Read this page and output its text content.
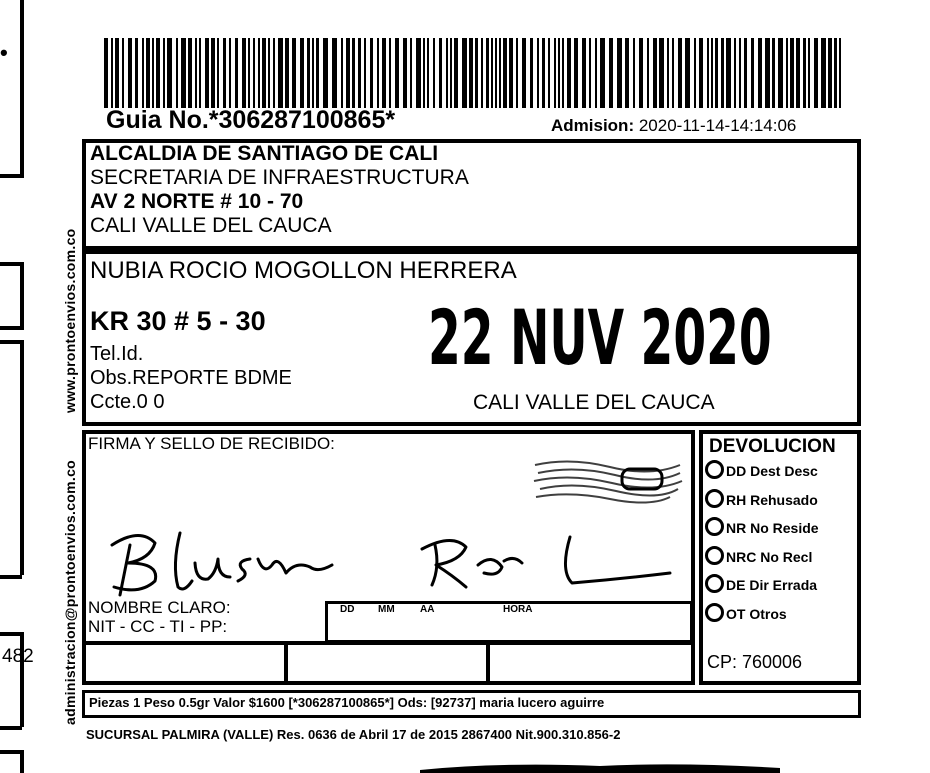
482
•
Guia No.*306287100865*	Admision: 2020-11-14-14:14:06
www.prontoenvios.com.co
administracion@prontoenvios.com.co
ALCALDIA DE SANTIAGO DE CALI
SECRETARIA DE INFRAESTRUCTURA
AV 2 NORTE # 10 - 70
CALI VALLE DEL CAUCA
NUBIA ROCIO MOGOLLON HERRERA
KR 30 # 5 - 30
Tel.Id.
Obs.REPORTE BDME
Ccte.0 0	CALI VALLE DEL CAUCA
22 NUV 2020
FIRMA Y SELLO DE RECIBIDO:
NOMBRE CLARO:
NIT - CC - TI - PP:
DD MM	AA	HORA
DEVOLUCION
DD Dest Desc
RH Rehusado
NR No Reside
NRC No Recl
DE Dir Errada
OT Otros
CP: 760006
Piezas 1 Peso 0.5gr Valor $1600 [*306287100865*] Ods: [92737] maria lucero aguirre
SUCURSAL PALMIRA (VALLE) Res. 0636 de Abril 17 de 2015 2867400 Nit.900.310.856-2
